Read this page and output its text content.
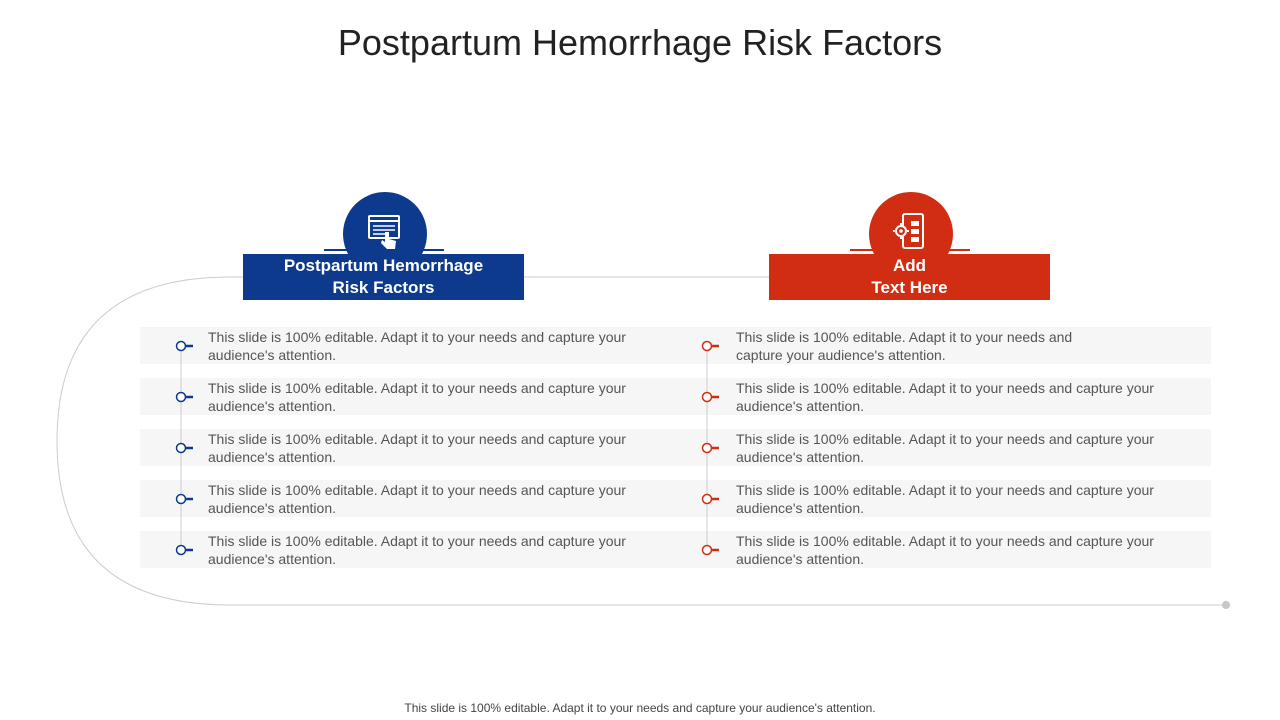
Postpartum Hemorrhage Risk Factors
Postpartum Hemorrhage
Risk Factors
Add
Text Here
This slide is 100% editable. Adapt it to your needs and capture your audience's attention.
This slide is 100% editable. Adapt it to your needs and capture your audience's attention.
This slide is 100% editable. Adapt it to your needs and capture your audience's attention.
This slide is 100% editable. Adapt it to your needs and capture your audience's attention.
This slide is 100% editable. Adapt it to your needs and capture your audience's attention.
This slide is 100% editable. Adapt it to your needs and capture your audience's attention.
This slide is 100% editable. Adapt it to your needs and capture your audience's attention.
This slide is 100% editable. Adapt it to your needs and capture your audience's attention.
This slide is 100% editable. Adapt it to your needs and capture your audience's attention.
This slide is 100% editable. Adapt it to your needs and capture your audience's attention.
This slide is 100% editable. Adapt it to your needs and capture your audience's attention.
